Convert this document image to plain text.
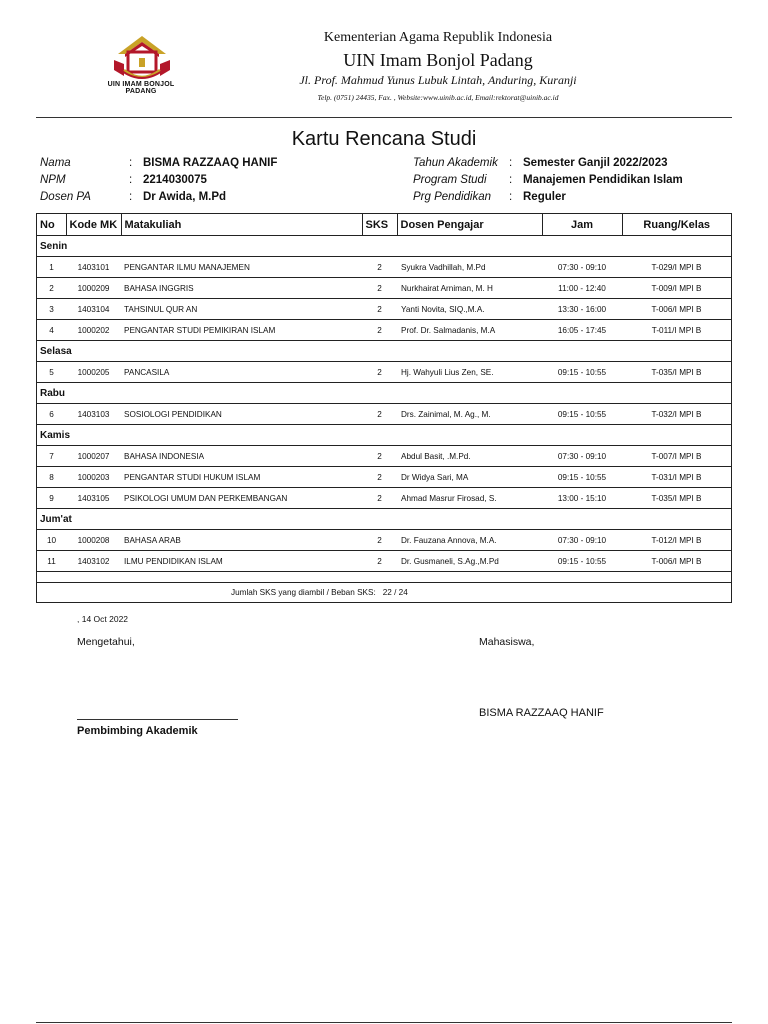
UIN IMAM BONJOL
PADANG
Kementerian Agama Republik Indonesia
UIN Imam Bonjol Padang
Jl. Prof. Mahmud Yunus Lubuk Lintah, Anduring, Kuranji
Telp. (0751) 24435, Fax. , Website:www.uinib.ac.id, Email:rektorat@uinib.ac.id
Kartu Rencana Studi
Nama	: BISMA RAZZAAQ HANIF
NPM	: 2214030075
Dosen PA	: Dr Awida, M.Pd
Tahun Akademik : Semester Ganjil 2022/2023
Program Studi : Manajemen Pendidikan Islam
Prg Pendidikan : Reguler
No	Kode MK	Matakuliah	SKS	Dosen Pengajar	Jam	Ruang/Kelas
Senin						
1	1403101	PENGANTAR ILMU MANAJEMEN	2	Syukra Vadhillah, M.Pd	07:30 - 09:10	T-029/I MPI B
2	1000209	BAHASA INGGRIS	2	Nurkhairat Arniman, M. H	11:00 - 12:40	T-009/I MPI B
3	1403104	TAHSINUL QUR AN	2	Yanti Novita, SIQ.,M.A.	13:30 - 16:00	T-006/I MPI B
4	1000202	PENGANTAR STUDI PEMIKIRAN ISLAM	2	Prof. Dr. Salmadanis, M.A	16:05 - 17:45	T-011/I MPI B
Selasa						
5	1000205	PANCASILA	2	Hj. Wahyuli Lius Zen, SE.	09:15 - 10:55	T-035/I MPI B
Rabu						
6	1403103	SOSIOLOGI PENDIDIKAN	2	Drs. Zainimal, M. Ag., M.	09:15 - 10:55	T-032/I MPI B
Kamis						
7	1000207	BAHASA INDONESIA	2	Abdul Basit, .M.Pd.	07:30 - 09:10	T-007/I MPI B
8	1000203	PENGANTAR STUDI HUKUM ISLAM	2	Dr Widya Sari, MA	09:15 - 10:55	T-031/I MPI B
9	1403105	PSIKOLOGI UMUM DAN PERKEMBANGAN	2	Ahmad Masrur Firosad, S.	13:00 - 15:10	T-035/I MPI B
Jum'at						
10	1000208	BAHASA ARAB	2	Dr. Fauzana Annova, M.A.	07:30 - 09:10	T-012/I MPI B
11	1403102	ILMU PENDIDIKAN ISLAM	2	Dr. Gusmaneli, S.Ag.,M.Pd	09:15 - 10:55	T-006/I MPI B

Jumlah SKS yang diambil / Beban SKS: 22 / 24						
, 14 Oct 2022
Mengetahui,	Mahasiswa,
BISMA RAZZAAQ HANIF
Pembimbing Akademik
